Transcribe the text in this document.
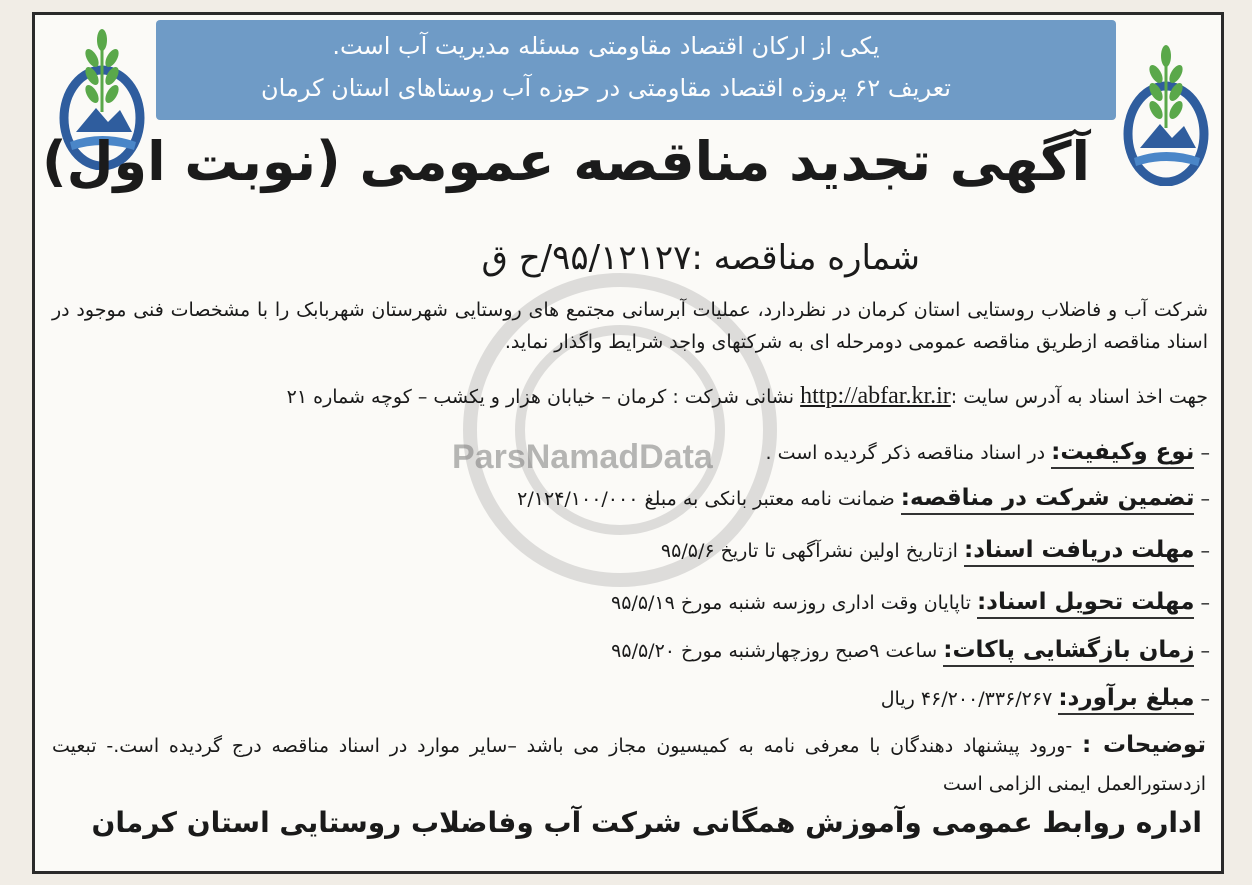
یکی از ارکان اقتصاد مقاومتی مسئله مدیریت آب است.
تعریف ۶۲ پروژه اقتصاد مقاومتی در حوزه آب روستاهای استان کرمان
ParsNamadData
آگهی تجدید مناقصه عمومی (نوبت اول)
شماره مناقصه :۹۵/۱۲۱۲۷/ح ق
شرکت آب و فاضلاب روستایی استان کرمان در نظردارد، عملیات آبرسانی مجتمع های روستایی شهرستان شهربابک را با مشخصات فنی موجود در اسناد مناقصه ازطریق مناقصه عمومی دومرحله ای به شرکتهای واجد شرایط واگذار نماید.
جهت اخذ اسناد به آدرس سایت :http://abfar.kr.ir نشانی شرکت : کرمان – خیابان هزار و یکشب – کوچه شماره ۲۱
– نوع وکیفیت: در اسناد مناقصه ذکر گردیده است .
– تضمین شرکت در مناقصه: ضمانت نامه معتبر بانکی به مبلغ ۲/۱۲۴/۱۰۰/۰۰۰
– مهلت دریافت اسناد: ازتاریخ اولین نشرآگهی تا تاریخ ۹۵/۵/۶
– مهلت تحویل اسناد: تاپایان وقت اداری روزسه شنبه مورخ ۹۵/۵/۱۹
– زمان بازگشایی پاکات: ساعت ۹صبح روزچهارشنبه مورخ ۹۵/۵/۲۰
– مبلغ برآورد: ۴۶/۲۰۰/۳۳۶/۲۶۷ ریال
توضیحات : -ورود پیشنهاد دهندگان با معرفی نامه به کمیسیون مجاز می باشد –سایر موارد در اسناد مناقصه درج گردیده است.- تبعیت ازدستورالعمل ایمنی الزامی است
اداره روابط عمومی وآموزش همگانی شرکت آب وفاضلاب روستایی استان کرمان
